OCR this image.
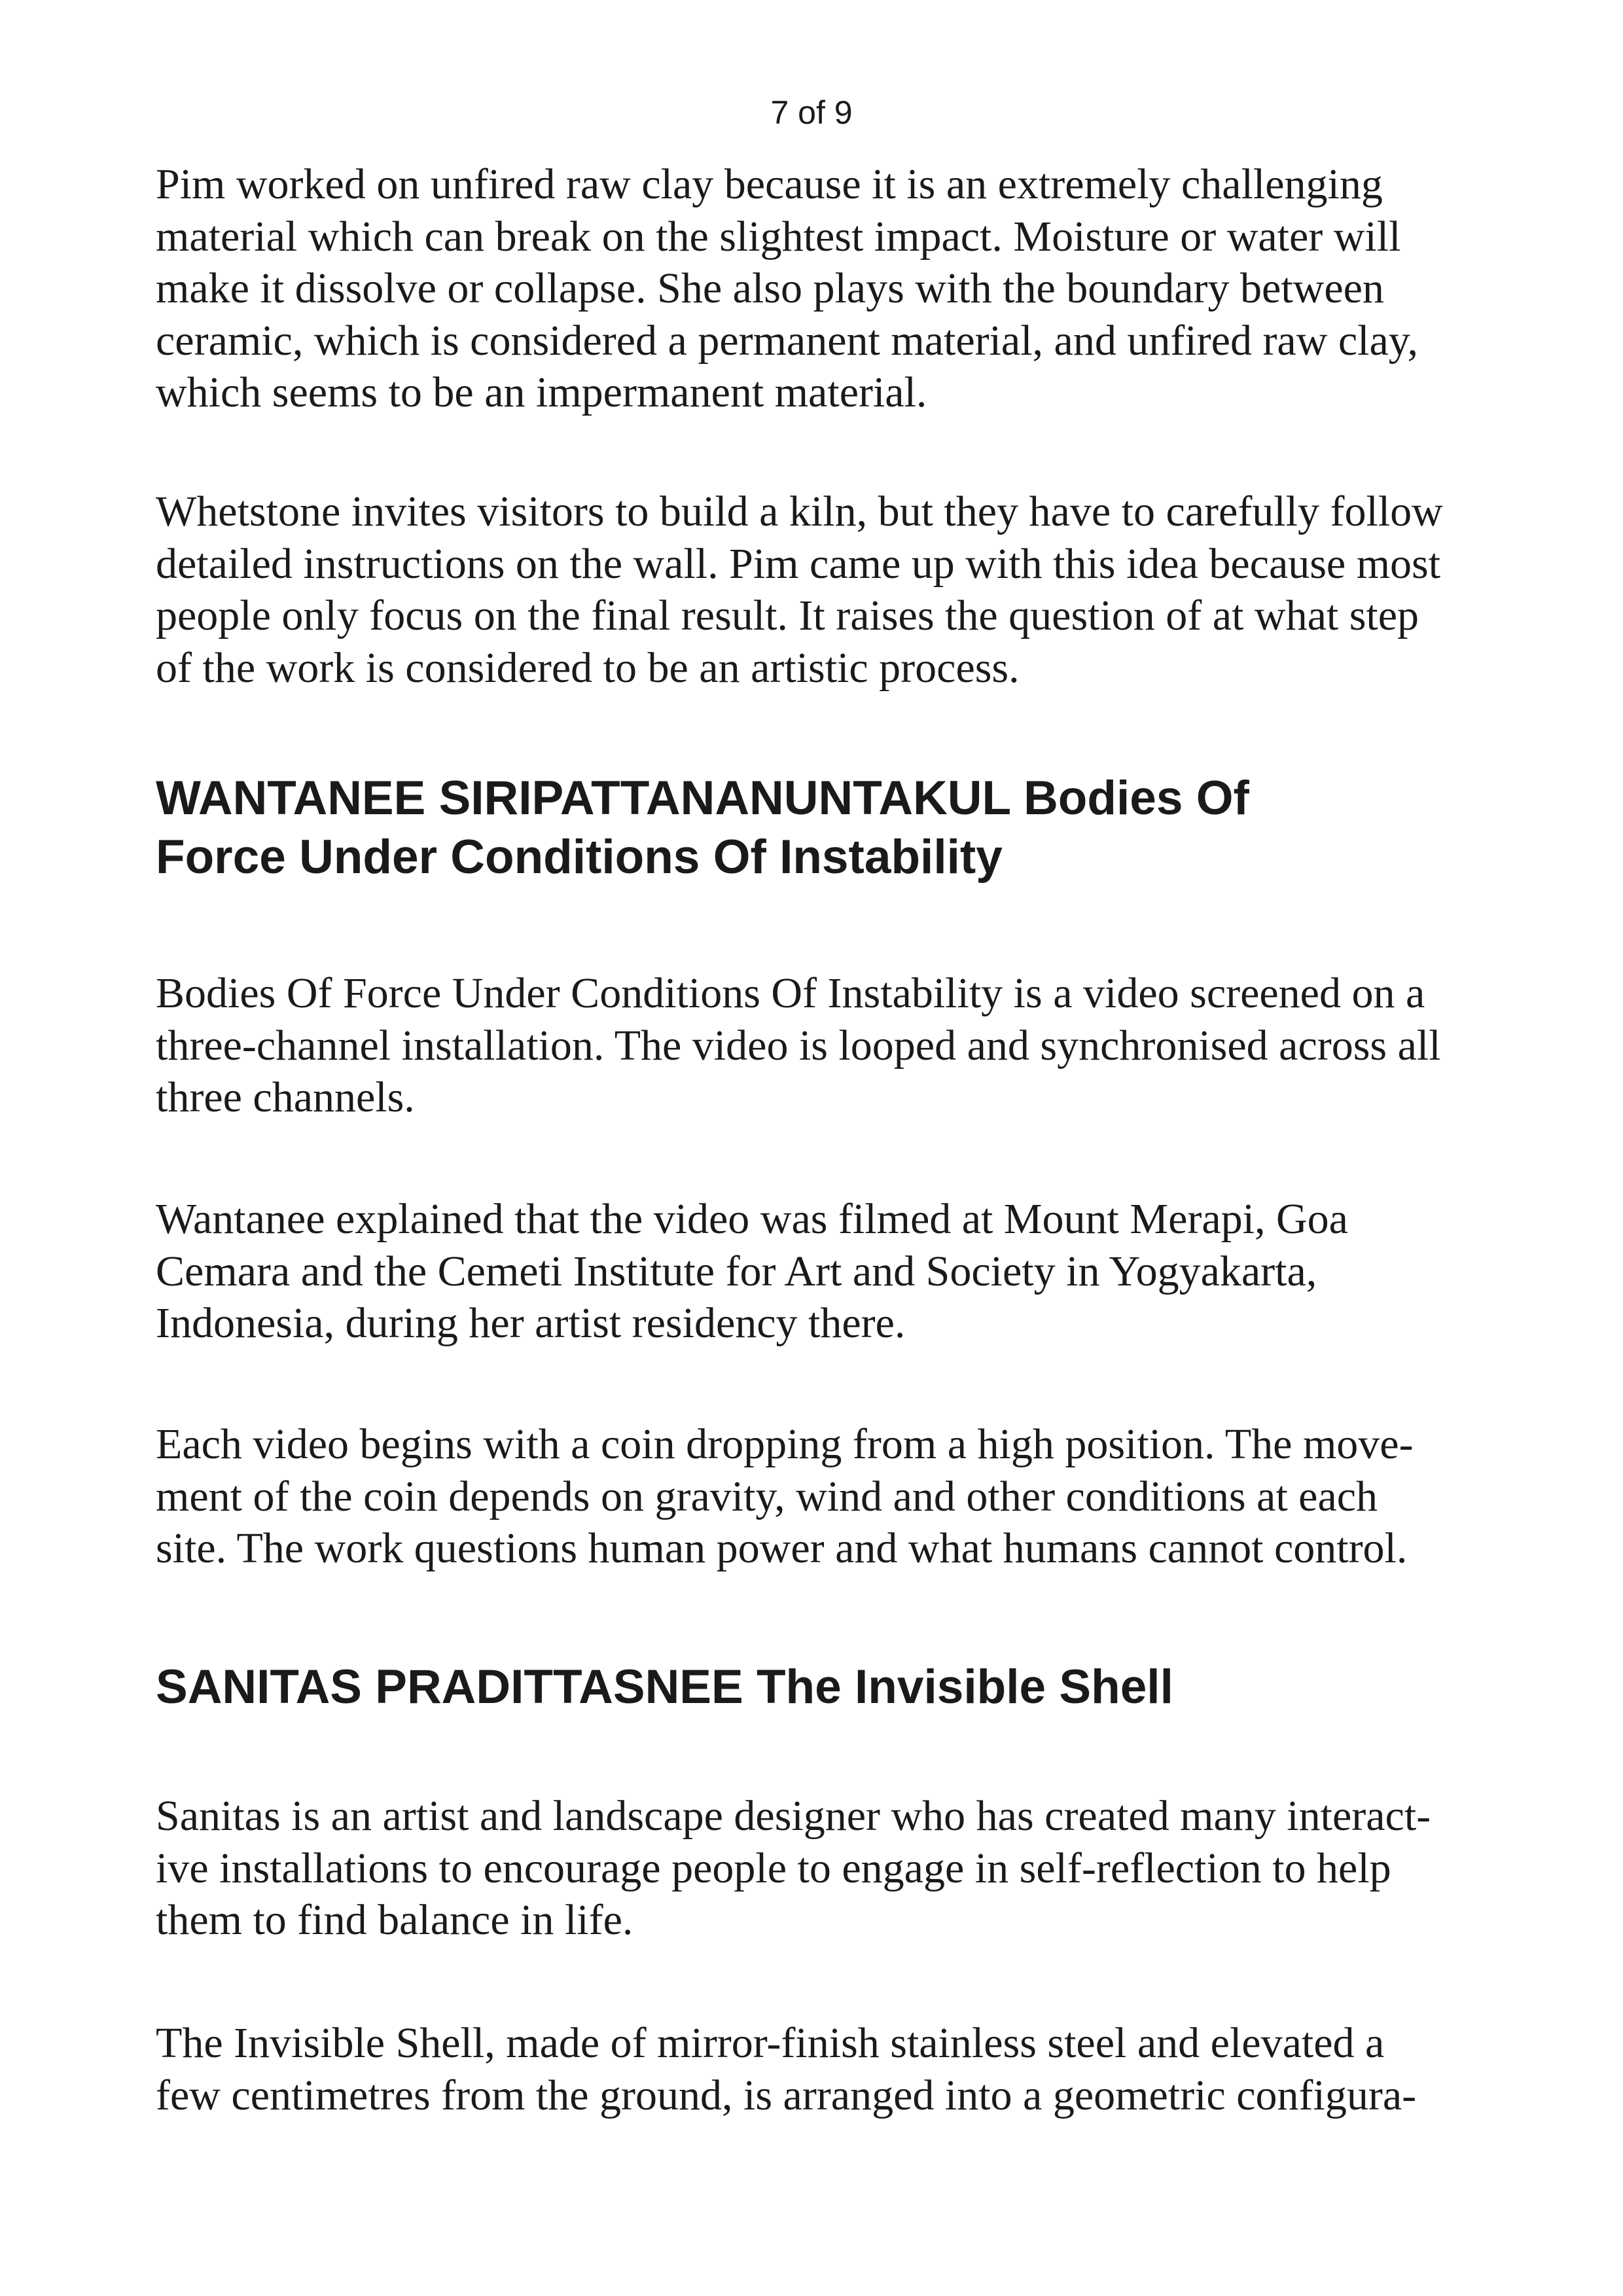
7 of 9

Pim worked on unfired raw clay because it is an extremely challenging
material which can break on the slightest impact. Moisture or water will
make it dissolve or collapse. She also plays with the boundary between
ceramic, which is considered a permanent material, and unfired raw clay,
which seems to be an impermanent material.

Whetstone invites visitors to build a kiln, but they have to carefully follow
detailed instructions on the wall. Pim came up with this idea because most
people only focus on the final result. It raises the question of at what step
of the work is considered to be an artistic process.

WANTANEE SIRIPATTANANUNTAKUL Bodies Of
Force Under Conditions Of Instability

Bodies Of Force Under Conditions Of Instability is a video screened on a
three-channel installation. The video is looped and synchronised across all
three channels.

Wantanee explained that the video was filmed at Mount Merapi, Goa
Cemara and the Cemeti Institute for Art and Society in Yogyakarta,
Indonesia, during her artist residency there.

Each video begins with a coin dropping from a high position. The move-
ment of the coin depends on gravity, wind and other conditions at each
site. The work questions human power and what humans cannot control.

SANITAS PRADITTASNEE The Invisible Shell

Sanitas is an artist and landscape designer who has created many interact-
ive installations to encourage people to engage in self-reflection to help
them to find balance in life.

The Invisible Shell, made of mirror-finish stainless steel and elevated a
few centimetres from the ground, is arranged into a geometric configura-
